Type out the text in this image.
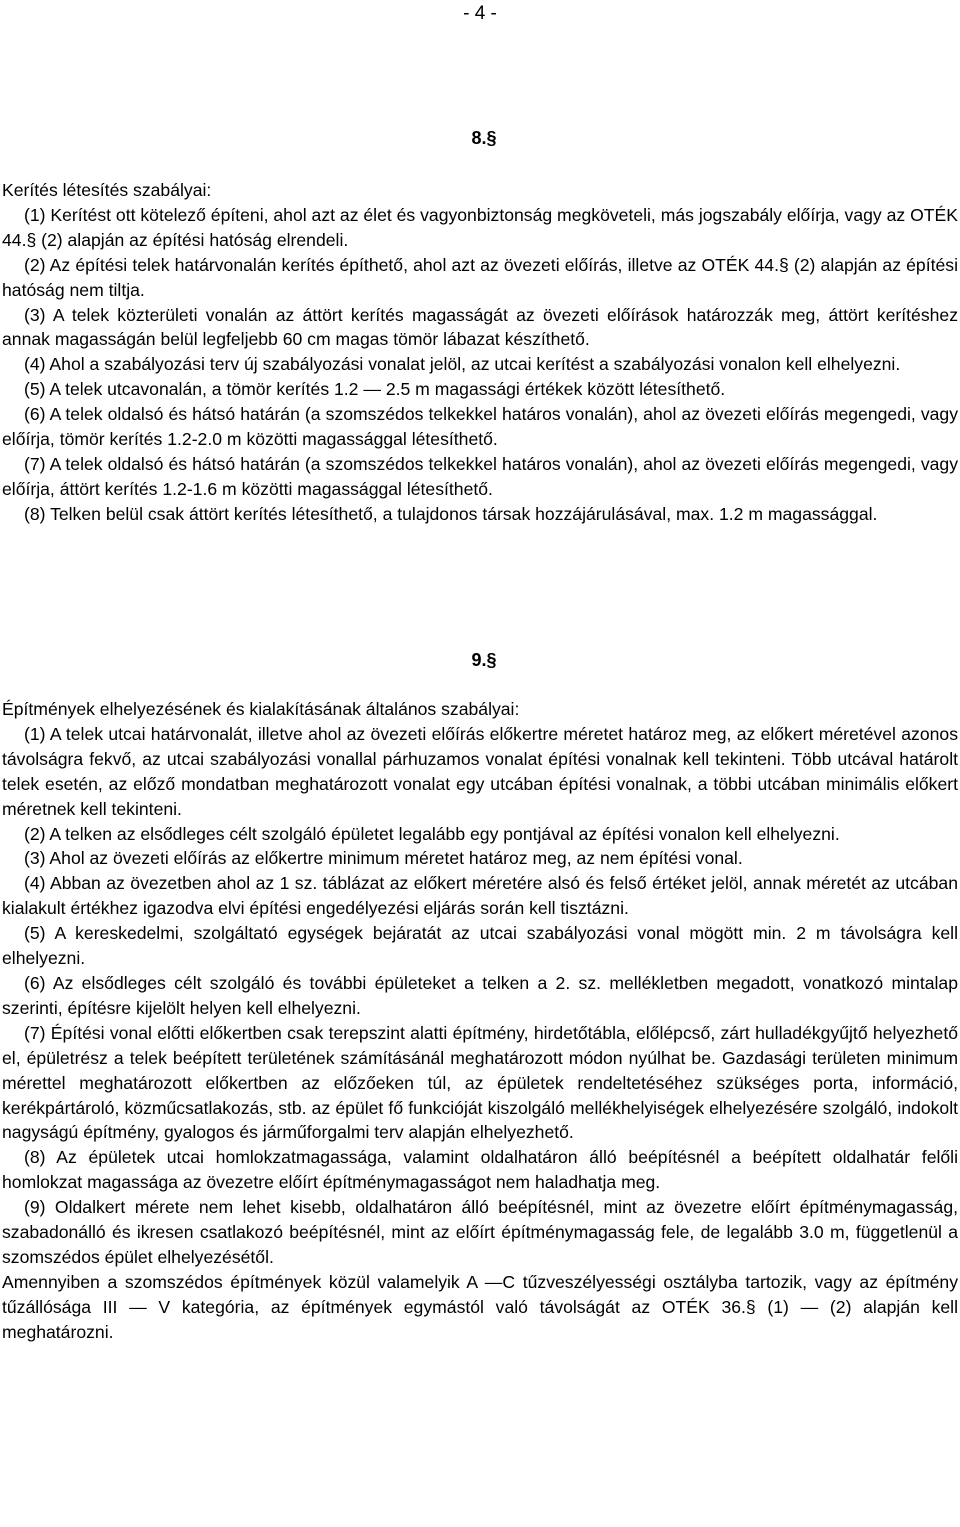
- 4 -
8.§

Kerítés létesítés szabályai:

(1) Kerítést ott kötelező építeni, ahol azt az élet és vagyonbiztonság megköveteli, más jogszabály előírja, vagy az OTÉK 44.§ (2) alapján az építési hatóság elrendeli.

(2) Az építési telek határvonalán kerítés építhető, ahol azt az övezeti előírás, illetve az OTÉK 44.§ (2) alapján az építési hatóság nem tiltja.

(3) A telek közterületi vonalán az áttört kerítés magasságát az övezeti előírások határozzák meg, áttört kerítéshez annak magasságán belül legfeljebb 60 cm magas tömör lábazat készíthető.

(4) Ahol a szabályozási terv új szabályozási vonalat jelöl, az utcai kerítést a szabályozási vonalon kell elhelyezni.

(5) A telek utcavonalán, a tömör kerítés 1.2 — 2.5 m magassági értékek között létesíthető.

(6) A telek oldalsó és hátsó határán (a szomszédos telkekkel határos vonalán), ahol az övezeti előírás megengedi, vagy előírja, tömör kerítés 1.2-2.0 m közötti magassággal létesíthető.

(7) A telek oldalsó és hátsó határán (a szomszédos telkekkel határos vonalán), ahol az övezeti előírás megengedi, vagy előírja, áttört kerítés 1.2-1.6 m közötti magassággal létesíthető.

(8) Telken belül csak áttört kerítés létesíthető, a tulajdonos társak hozzájárulásával, max. 1.2 m magassággal.

9.§

Építmények elhelyezésének és kialakításának általános szabályai:

(1) A telek utcai határvonalát, illetve ahol az övezeti előírás előkertre méretet határoz meg, az előkert méretével azonos távolságra fekvő, az utcai szabályozási vonallal párhuzamos vonalat építési vonalnak kell tekinteni. Több utcával határolt telek esetén, az előző mondatban meghatározott vonalat egy utcában építési vonalnak, a többi utcában minimális előkert méretnek kell tekinteni.

(2) A telken az elsődleges célt szolgáló épületet legalább egy pontjával az építési vonalon kell elhelyezni.

(3) Ahol az övezeti előírás az előkertre minimum méretet határoz meg, az nem építési vonal.

(4) Abban az övezetben ahol az 1 sz. táblázat az előkert méretére alsó és felső értéket jelöl, annak méretét az utcában kialakult értékhez igazodva elvi építési engedélyezési eljárás során kell tisztázni.

(5) A kereskedelmi, szolgáltató egységek bejáratát az utcai szabályozási vonal mögött min. 2 m távolságra kell elhelyezni.

(6) Az elsődleges célt szolgáló és további épületeket a telken a 2. sz. mellékletben megadott, vonatkozó mintalap szerinti, építésre kijelölt helyen kell elhelyezni.

(7) Építési vonal előtti előkertben csak terepszint alatti építmény, hirdetőtábla, előlépcső, zárt hulladékgyűjtő helyezhető el, épületrész a telek beépített területének számításánál meghatározott módon nyúlhat be. Gazdasági területen minimum mérettel meghatározott előkertben az előzőeken túl, az épületek rendeltetéséhez szükséges porta, információ, kerékpártároló, közműcsatlakozás, stb. az épület fő funkcióját kiszolgáló mellékhelyiségek elhelyezésére szolgáló, indokolt nagyságú építmény, gyalogos és járműforgalmi terv alapján elhelyezhető.

(8) Az épületek utcai homlokzatmagassága, valamint oldalhatáron álló beépítésnél a beépített oldalhatár felőli homlokzat magassága az övezetre előírt építménymagasságot nem haladhatja meg.

(9) Oldalkert mérete nem lehet kisebb, oldalhatáron álló beépítésnél, mint az övezetre előírt építménymagasság, szabadonálló és ikresen csatlakozó beépítésnél, mint az előírt építménymagasság fele, de legalább 3.0 m, függetlenül a szomszédos épület elhelyezésétől.

Amennyiben a szomszédos építmények közül valamelyik A —C tűzveszélyességi osztályba tartozik, vagy az építmény tűzállósága III — V kategória, az építmények egymástól való távolságát az OTÉK 36.§ (1) — (2) alapján kell meghatározni.
